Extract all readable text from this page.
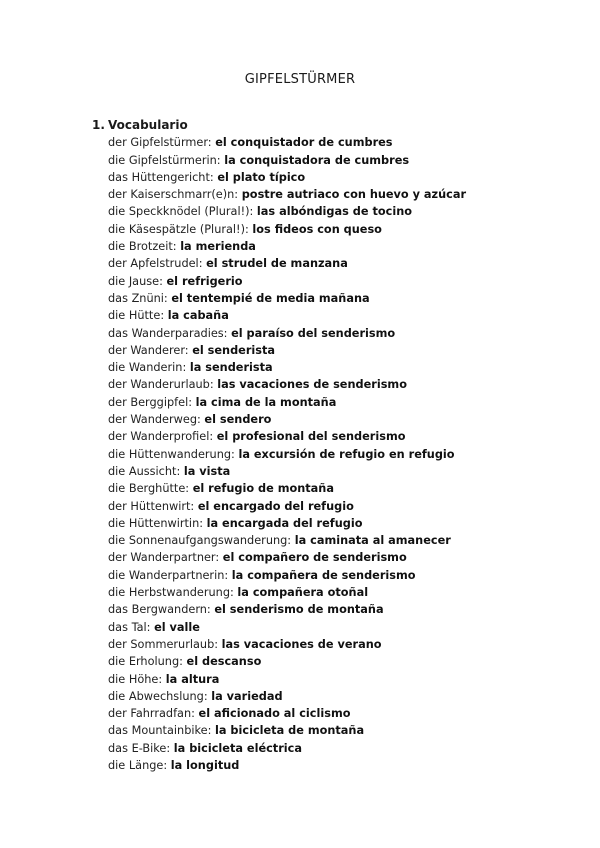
GIPFELSTÜRMER
1. Vocabulario
der Gipfelstürmer: el conquistador de cumbres
die Gipfelstürmerin: la conquistadora de cumbres
das Hüttengericht: el plato típico
der Kaiserschmarr(e)n: postre autriaco con huevo y azúcar
die Speckknödel (Plural!): las albóndigas de tocino
die Käsespätzle (Plural!): los fideos con queso
die Brotzeit: la merienda
der Apfelstrudel: el strudel de manzana
die Jause: el refrigerio
das Znüni: el tentempié de media mañana
die Hütte: la cabaña
das Wanderparadies: el paraíso del senderismo
der Wanderer: el senderista
die Wanderin: la senderista
der Wanderurlaub: las vacaciones de senderismo
der Berggipfel: la cima de la montaña
der Wanderweg: el sendero
der Wanderprofiel: el profesional del senderismo
die Hüttenwanderung: la excursión de refugio en refugio
die Aussicht: la vista
die Berghütte: el refugio de montaña
der Hüttenwirt: el encargado del refugio
die Hüttenwirtin: la encargada del refugio
die Sonnenaufgangswanderung: la caminata al amanecer
der Wanderpartner: el compañero de senderismo
die Wanderpartnerin: la compañera de senderismo
die Herbstwanderung: la compañera otoñal
das Bergwandern: el senderismo de montaña
das Tal: el valle
der Sommerurlaub: las vacaciones de verano
die Erholung: el descanso
die Höhe: la altura
die Abwechslung: la variedad
der Fahrradfan: el aficionado al ciclismo
das Mountainbike: la bicicleta de montaña
das E-Bike: la bicicleta eléctrica
die Länge: la longitud
